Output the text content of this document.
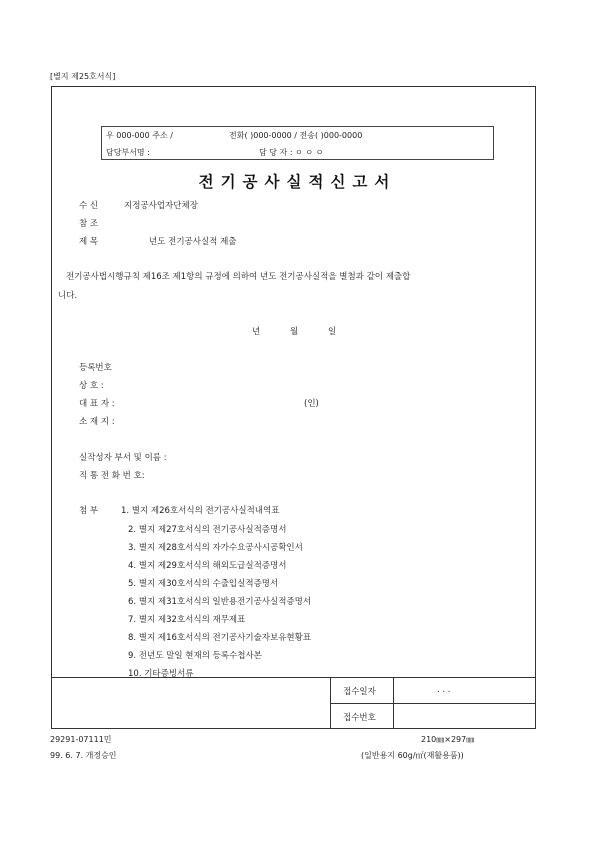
[별지 제25호서식]
우 000-000 주소 /	전화( )000-0000 / 전송( )000-0000
담당부서명 :	담 당 자 : ㅇ ㅇ ㅇ
전기공사실적신고서
수 신	지정공사업자단체장
참 조
제 목	년도 전기공사실적 제출
전기공사법시행규칙 제16조 제1항의 규정에 의하여 년도 전기공사실적을 별첨과 같이 제출합
니다.
년	월	일
등록번호
상 호 :
대 표 자 :	(인)
소 재 지 :
실작성자 부서 및 이름 :
직 통 전 화 번 호:
첨 부	1. 별지 제26호서식의 전기공사실적내역표
2. 별지 제27호서식의 전기공사실적증명서
3. 별지 제28호서식의 자가수요공사시공확인서
4. 별지 제29호서식의 해외도급실적증명서
5. 별지 제30호서식의 수출입실적증명서
6. 별지 제31호서식의 일반용전기공사실적증명서
7. 별지 제32호서식의 재무제표
8. 별지 제16호서식의 전기공사기술자보유현황표
9. 전년도 말일 현재의 등록수첩사본
10. 기타증빙서류
접수일자	. . .
접수번호
29291-07111민
99. 6. 7. 개정승인
210㎜×297㎜
(일반용지 60g/㎡(재활용품))
